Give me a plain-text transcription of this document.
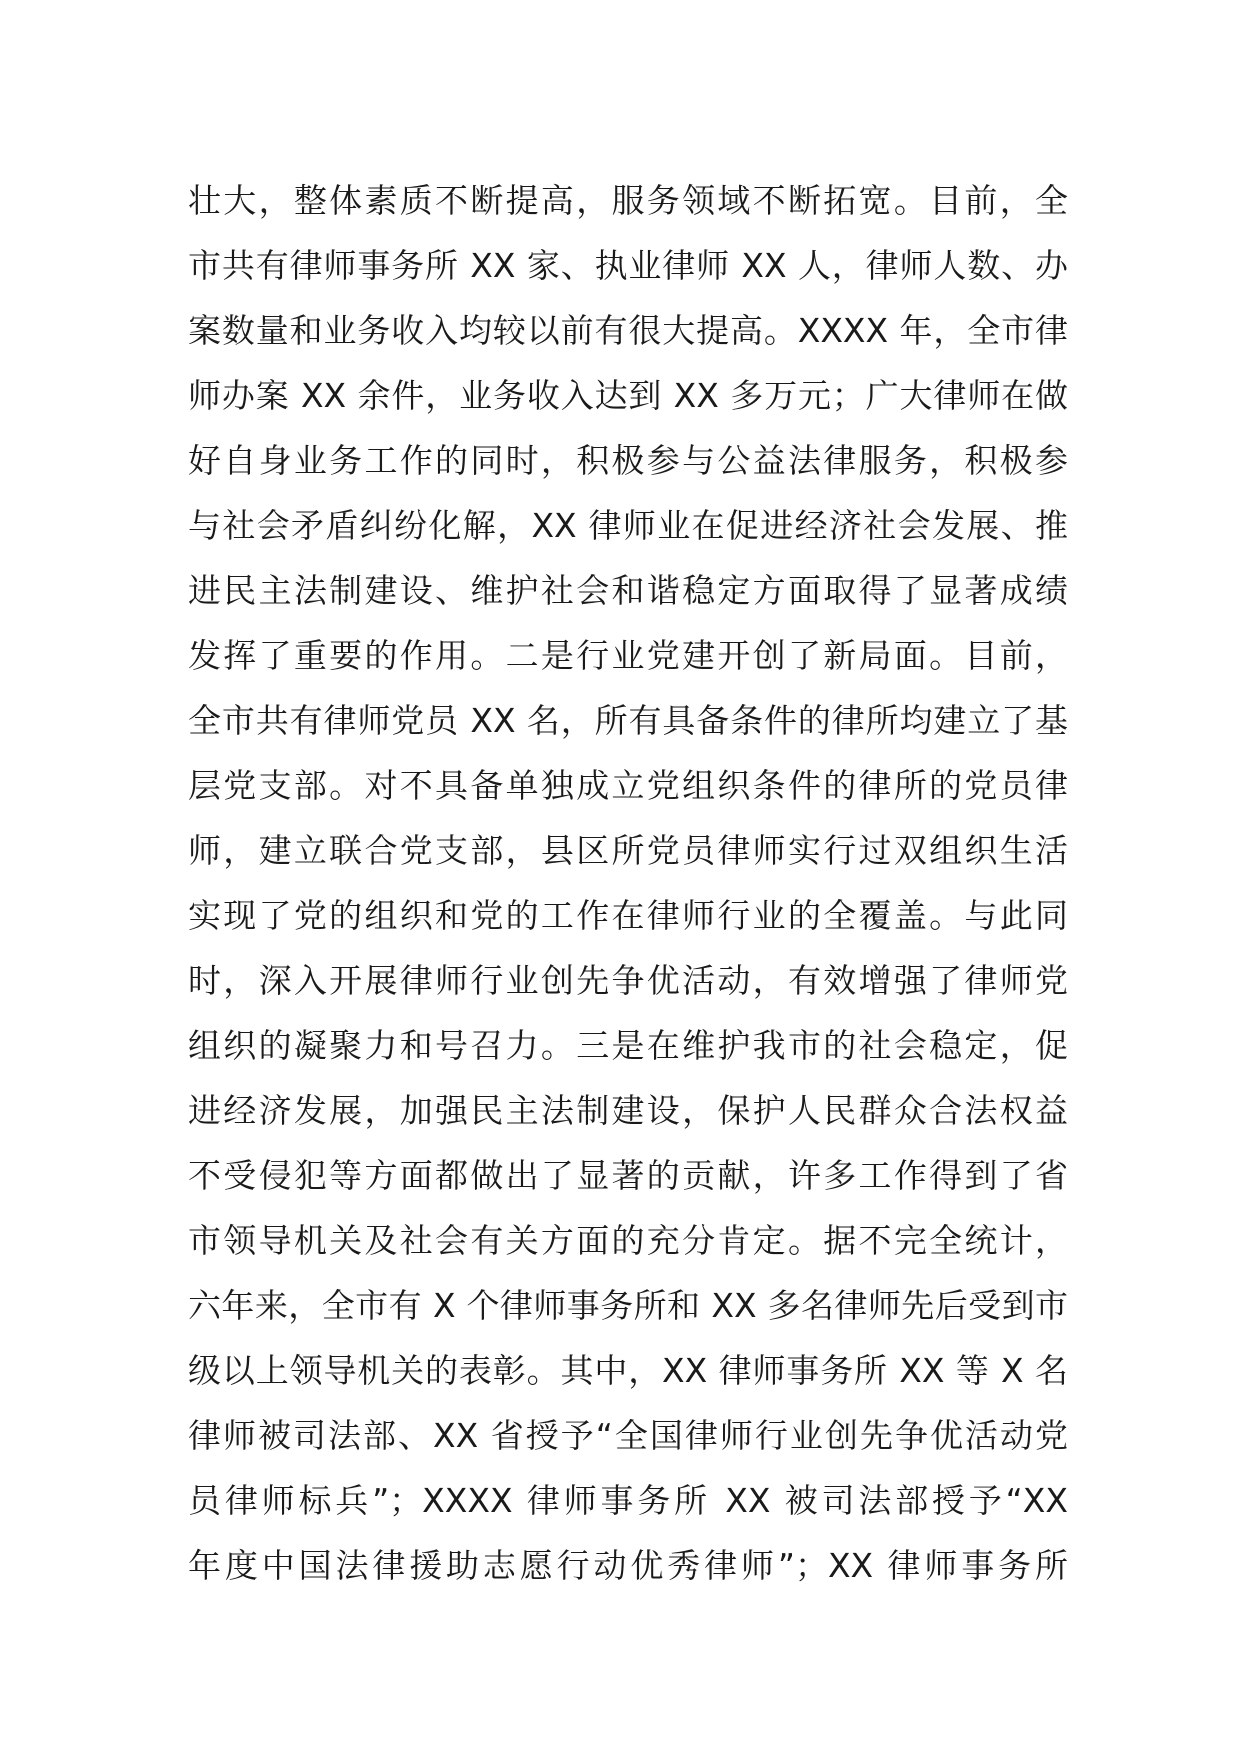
壮大，整体素质不断提高，服务领域不断拓宽。目前，全
市共有律师事务所 XX 家、执业律师 XX 人，律师人数、办
案数量和业务收入均较以前有很大提高。XXXX 年，全市律
师办案 XX 余件，业务收入达到 XX 多万元；广大律师在做
好自身业务工作的同时，积极参与公益法律服务，积极参
与社会矛盾纠纷化解，XX 律师业在促进经济社会发展、推
进民主法制建设、维护社会和谐稳定方面取得了显著成绩
发挥了重要的作用。二是行业党建开创了新局面。目前，
全市共有律师党员 XX 名，所有具备条件的律所均建立了基
层党支部。对不具备单独成立党组织条件的律所的党员律
师，建立联合党支部，县区所党员律师实行过双组织生活
实现了党的组织和党的工作在律师行业的全覆盖。与此同
时，深入开展律师行业创先争优活动，有效增强了律师党
组织的凝聚力和号召力。三是在维护我市的社会稳定，促
进经济发展，加强民主法制建设，保护人民群众合法权益
不受侵犯等方面都做出了显著的贡献，许多工作得到了省
市领导机关及社会有关方面的充分肯定。据不完全统计，
六年来，全市有 X 个律师事务所和 XX 多名律师先后受到市
级以上领导机关的表彰。其中，XX 律师事务所 XX 等 X 名
律师被司法部、XX 省授予“全国律师行业创先争优活动党
员律师标兵”；XXXX 律师事务所 XX 被司法部授予“XX
年度中国法律援助志愿行动优秀律师”；XX 律师事务所
